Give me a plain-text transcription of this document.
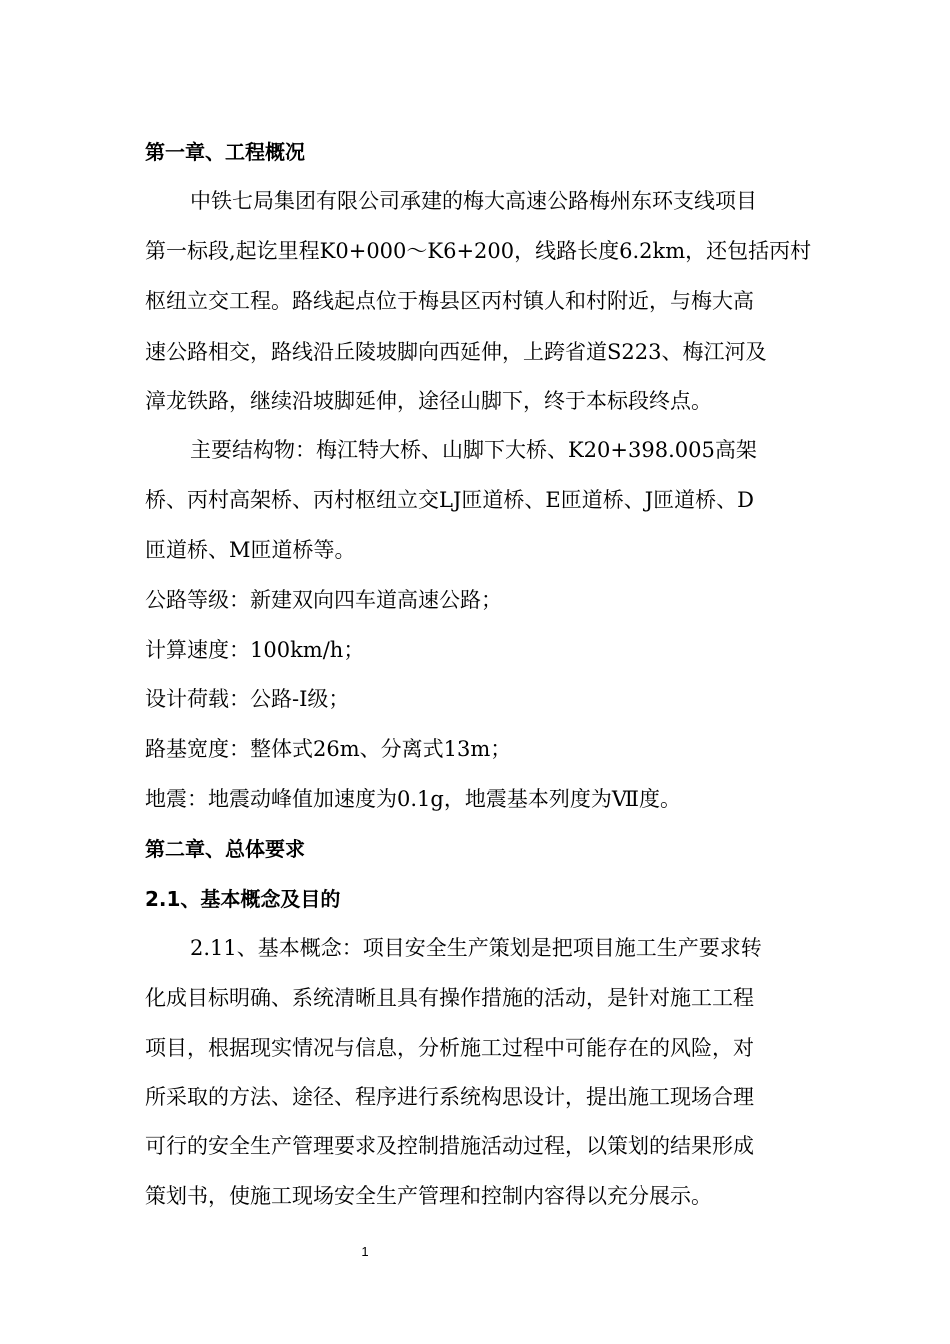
第一章、工程概况

中铁七局集团有限公司承建的梅大高速公路梅州东环支线项目

第一标段,起讫里程K0+000～K6+200，线路长度6.2km，还包括丙村

枢纽立交工程。路线起点位于梅县区丙村镇人和村附近，与梅大高

速公路相交，路线沿丘陵坡脚向西延伸，上跨省道S223、梅江河及

漳龙铁路，继续沿坡脚延伸，途径山脚下，终于本标段终点。

主要结构物：梅江特大桥、山脚下大桥、K20+398.005高架

桥、丙村高架桥、丙村枢纽立交LJ匝道桥、E匝道桥、J匝道桥、D

匝道桥、M匝道桥等。

公路等级：新建双向四车道高速公路；

计算速度：100km/h；

设计荷载：公路-I级；

路基宽度：整体式26m、分离式13m；

地震：地震动峰值加速度为0.1g，地震基本列度为Ⅶ度。

第二章、总体要求
2.1、基本概念及目的

2.11、基本概念：项目安全生产策划是把项目施工生产要求转

化成目标明确、系统清晰且具有操作措施的活动，是针对施工工程

项目，根据现实情况与信息，分析施工过程中可能存在的风险，对

所采取的方法、途径、程序进行系统构思设计，提出施工现场合理

可行的安全生产管理要求及控制措施活动过程，以策划的结果形成

策划书，使施工现场安全生产管理和控制内容得以充分展示。

1
